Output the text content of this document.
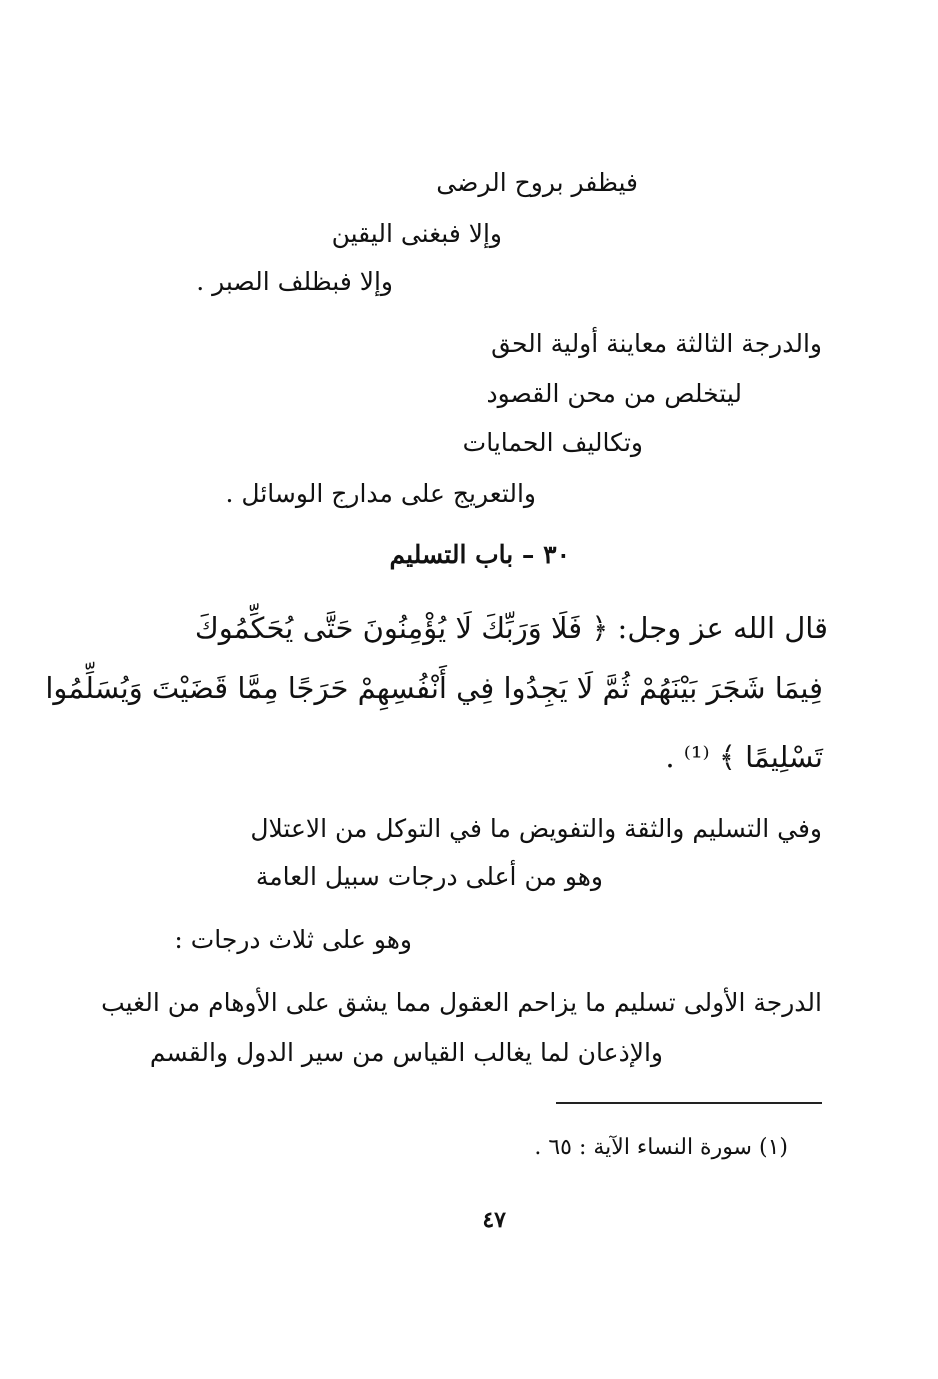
فيظفر بروح الرضى
وإلا فبغنى اليقين
وإلا فبظلف الصبر .
والدرجة الثالثة معاينة أولية الحق
ليتخلص من محن القصود
وتكاليف الحمايات
والتعريج على مدارج الوسائل .
٣٠ – باب التسليم
قال الله عز وجل: ﴿ فَلَا وَرَبِّكَ لَا يُؤْمِنُونَ حَتَّى يُحَكِّمُوكَ
فِيمَا شَجَرَ بَيْنَهُمْ ثُمَّ لَا يَجِدُوا فِي أَنْفُسِهِمْ حَرَجًا مِمَّا قَضَيْتَ وَيُسَلِّمُوا
تَسْلِيمًا ﴾ ⁽¹⁾ .
وفي التسليم والثقة والتفويض ما في التوكل من الاعتلال
وهو من أعلى درجات سبيل العامة
وهو على ثلاث درجات :
الدرجة الأولى تسليم ما يزاحم العقول مما يشق على الأوهام من الغيب
والإذعان لما يغالب القياس من سير الدول والقسم
(١) سورة النساء الآية : ٦٥ .
٤٧
